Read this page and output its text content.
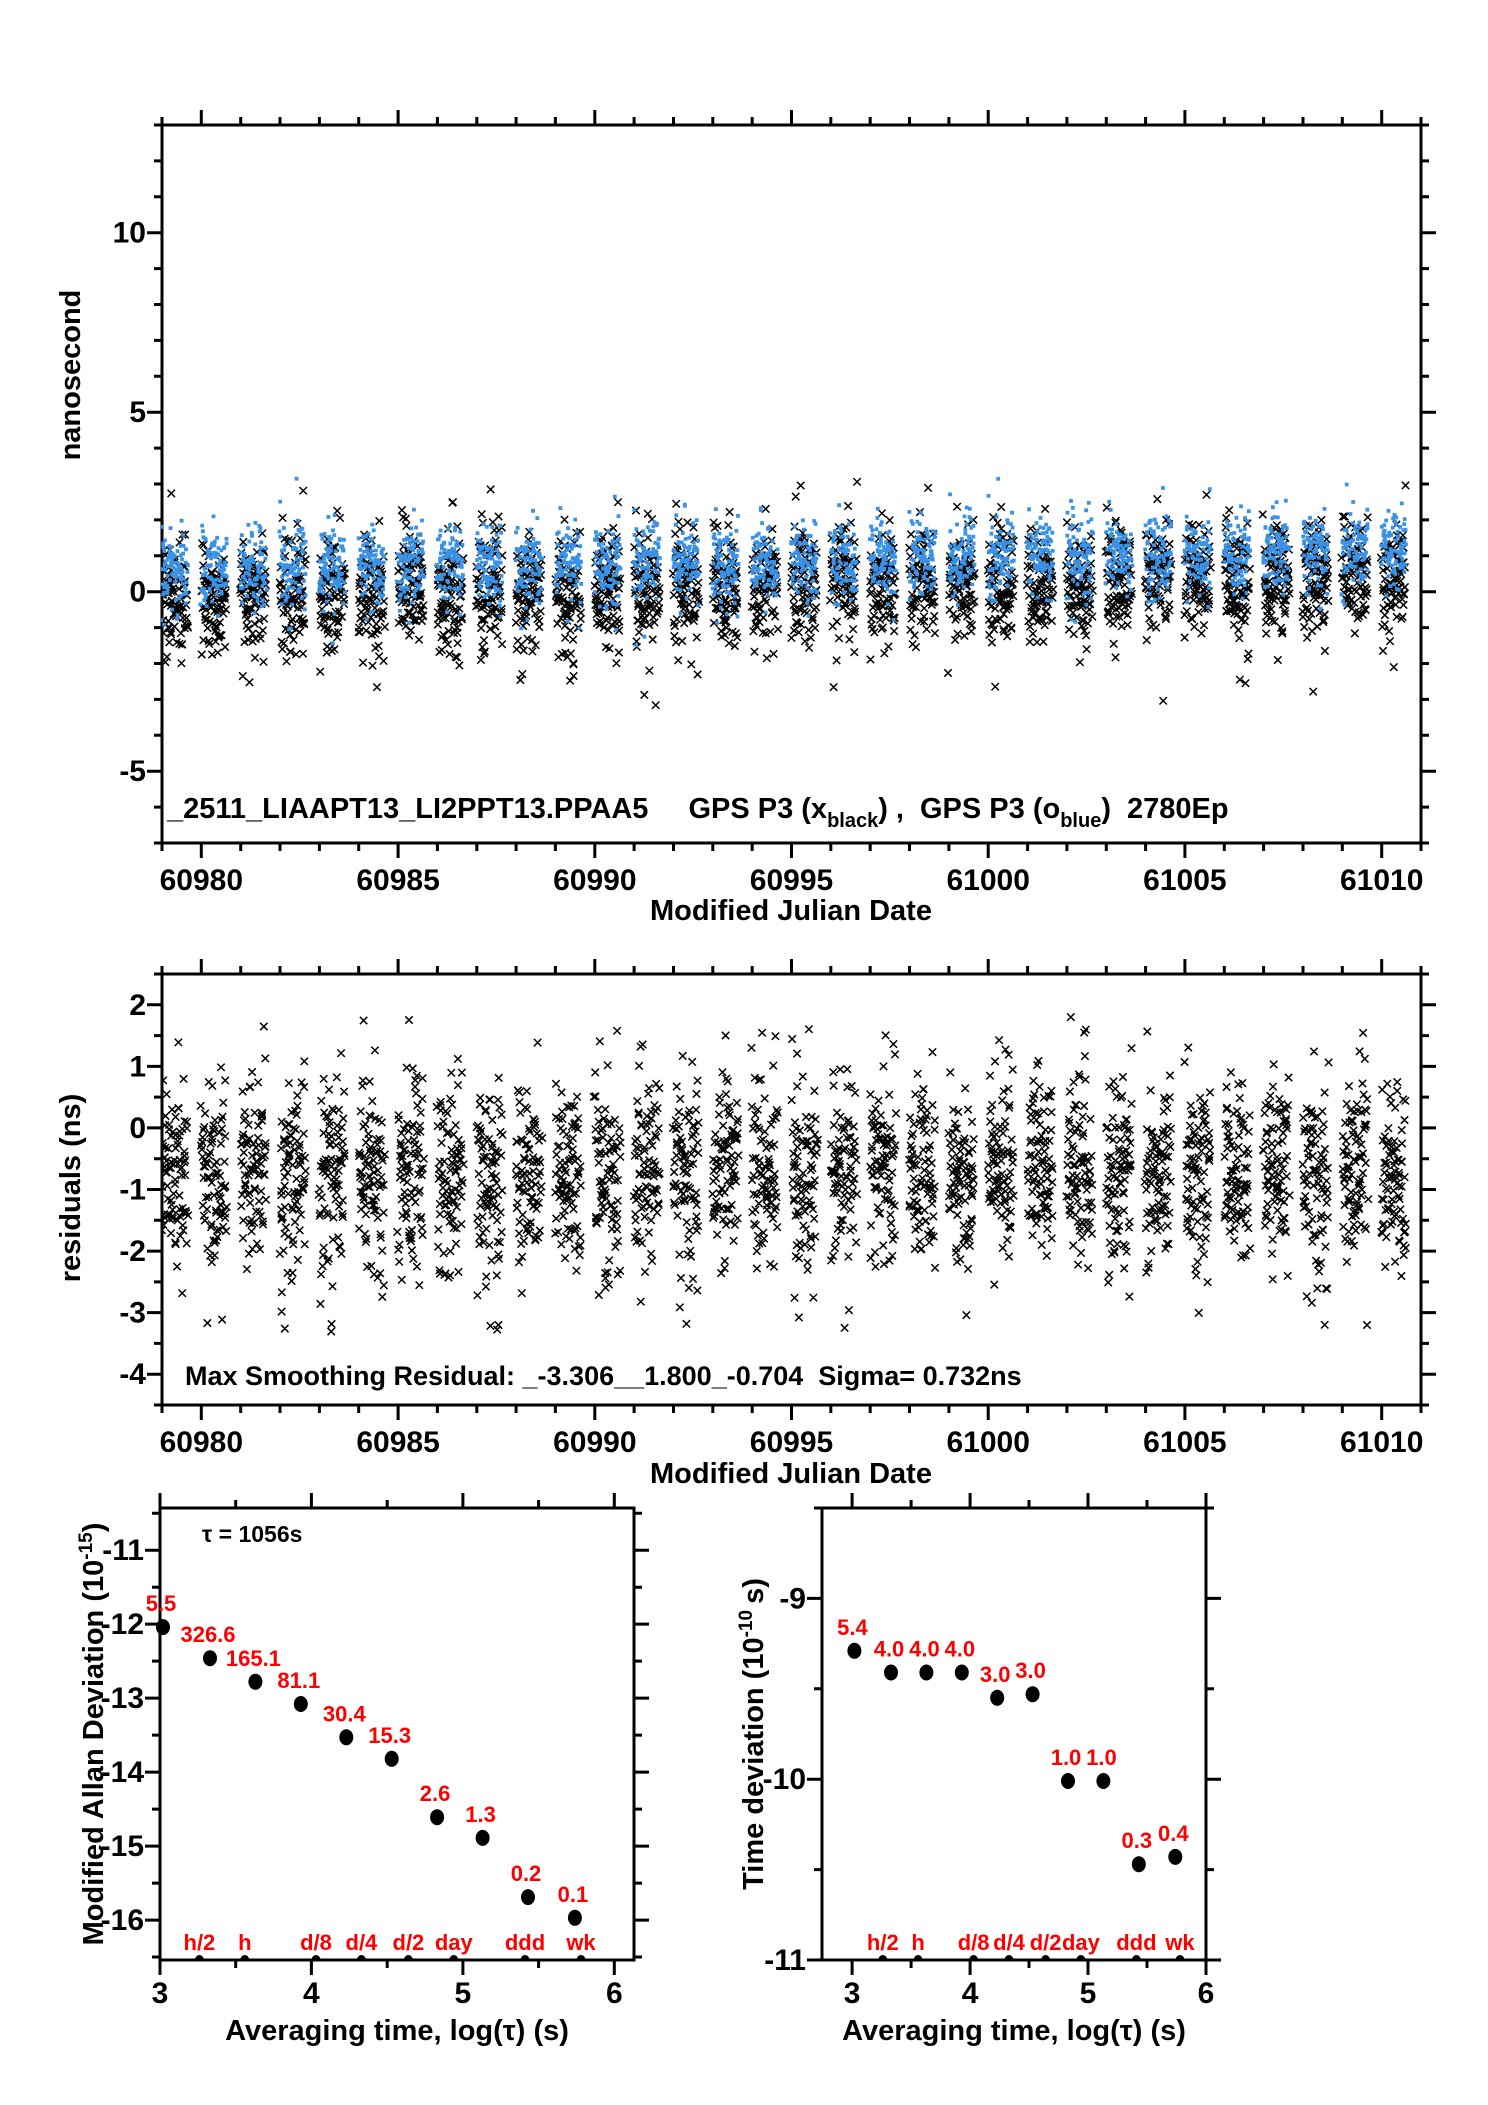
60980	60985	60990	60995	61000	61005	61010
-5
0
5
10
Modified Julian Date
nanosecond
_2511_LIAAPT13_LI2PPT13.PPAA5 GPS P3 $(x_{black})$ , GPS P3 $(o_{blue})$ 2780Ep
60980	60985	60990	60995	61000	61005	61010
2
1
0
-1
-2
-3
-4
Modified Julian Date
residuals (ns)
Max Smoothing Residual: _-3.306__1.800_-0.704  Sigma= 0.732ns
3	4	5	6
-11
-12
-13
-14
-15
-16
h/2 h d/8 d/4 d/2 day ddd wk
5.5
326.6
165.1
81.1
30.4
15.3
2.6
1.3
0.2
0.1
Averaging time, log(τ) (s)
Modified Allan Deviation $(10^{-15})$	τ = 1056s
3	4	5	6
-9
-10
-11
h/2 h d/8 d/4 d/2 day ddd wk
5.4
4.0 4.0 4.0
3.0 3.0
1.0 1.0
0.3 0.4
Averaging time, log(τ) (s)
Time deviation $(10^{-10}s)$
